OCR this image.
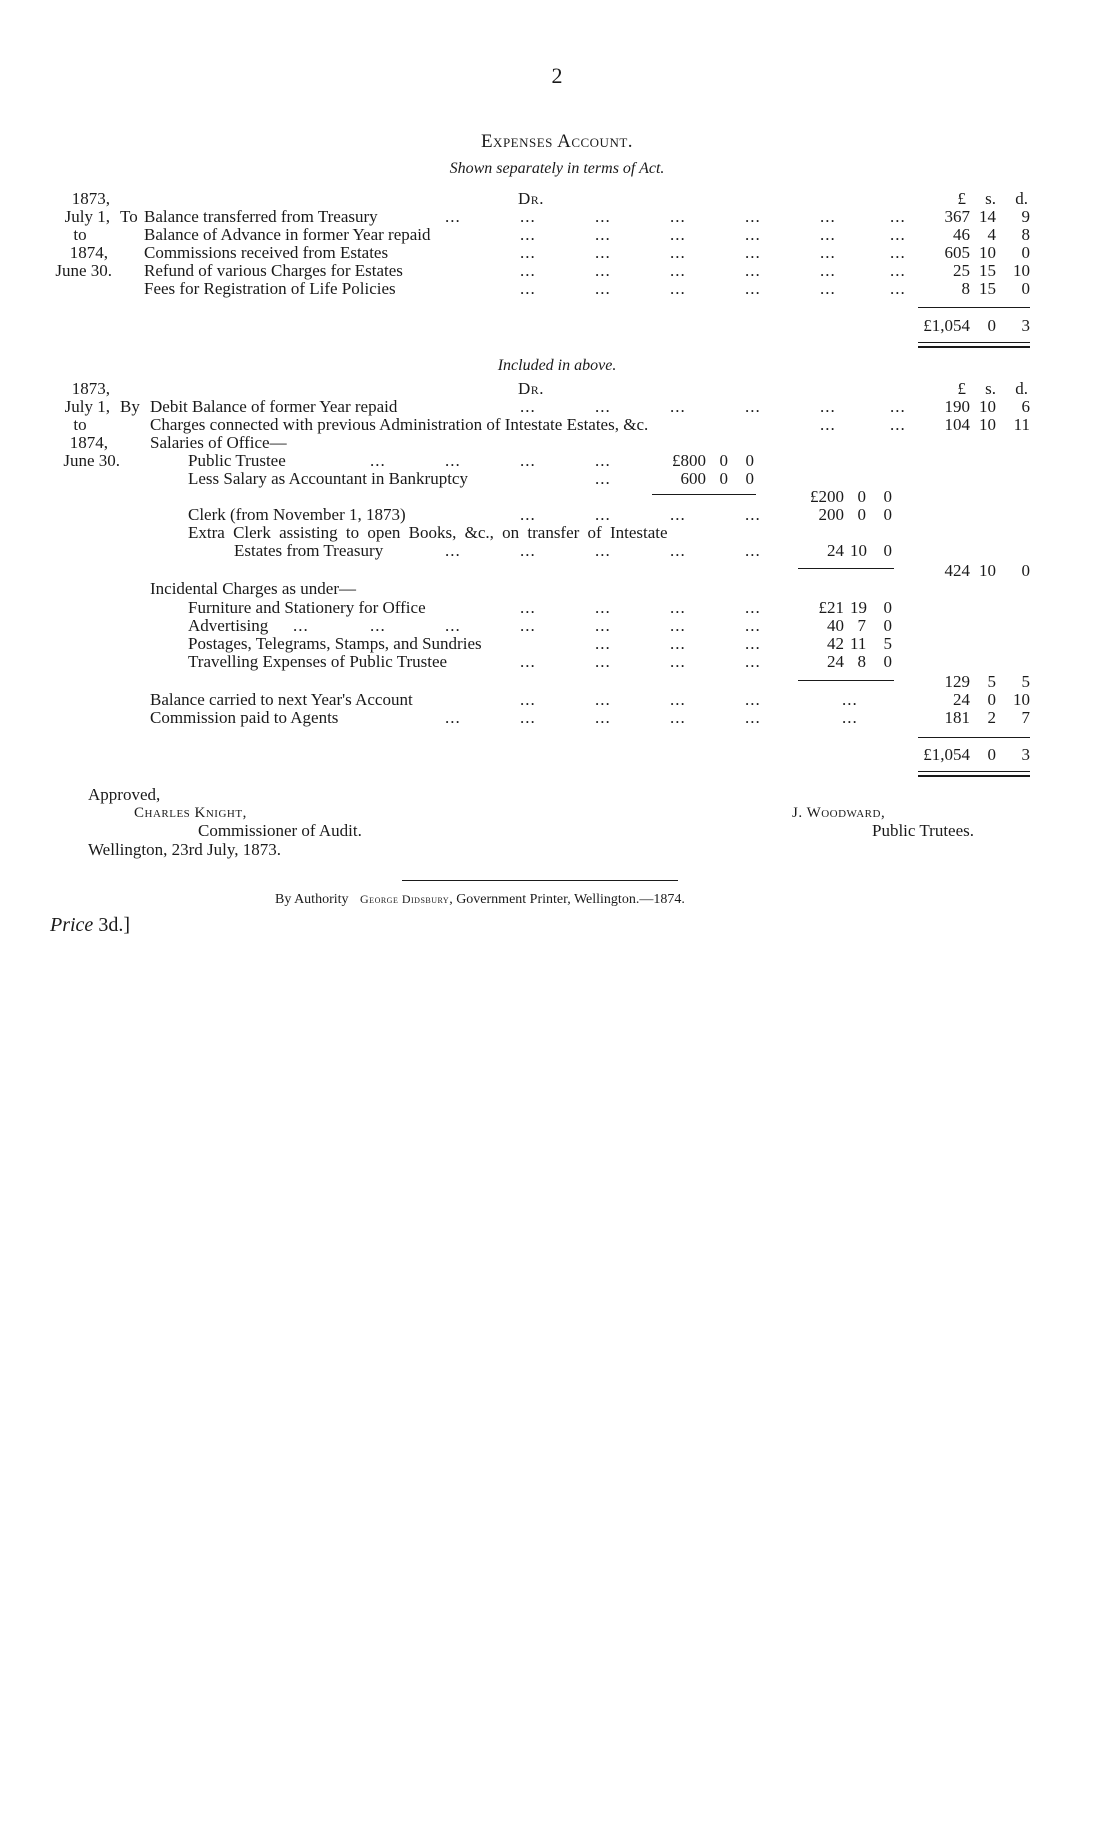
2
Expenses Account.
Shown separately in terms of Act.
1873,
July 1,
to
1874,
June 30.
Dr.	£	s.	d.
To Balance transferred from Treasury	...	...	...	...	...	...	...	367 14	9
Balance of Advance in former Year repaid	...	...	...	...	...	...	46	4	8
Commissions received from Estates	...	...	...	...	...	...	605 10	0
Refund of various Charges for Estates	...	...	...	...	...	...	25 15	10
Fees for Registration of Life Policies	...	...	...	...	...	...	8 15	0
£1,054	0	3
Included in above.
1873,
July 1,
to
1874,
June 30.
Dr.	£	s.	d.
By Debit Balance of former Year repaid	...	...	...	...	...	...	190 10	6
Charges connected with previous Administration of Intestate Estates, &c.	...	...	104 10	11
Salaries of Office—
Public Trustee	...	...	...	...	£800 0	0
Less Salary as Accountant in Bankruptcy	...	600 0	0
£200 0	0
Clerk (from November 1, 1873)	...	...	...	...	200 0	0
Extra Clerk assisting to open Books, &c., on transfer of Intestate
Estates from Treasury	...	...	...	...	...	24 10 0
424 10	0
Incidental Charges as under—
Furniture and Stationery for Office	...	...	...	...	£21 19 0
Advertising ...	...	...	...	...	...	...	40 7	0
Postages, Telegrams, Stamps, and Sundries	...	...	...	42 11	5
Travelling Expenses of Public Trustee	...	...	...	...	24 8	0
129	5	5
Balance carried to next Year's Account	...	...	...	...	...	24	0	10
Commission paid to Agents	...	...	...	...	...	...	181	2	7
£1,054	0	3
Approved,
Charles Knight,
Commissioner of Audit.
Wellington, 23rd July, 1873.
J. Woodward,
Public Trutees.
By Authority George Didsbury, Government Printer, Wellington.—1874.
Price 3d.]
